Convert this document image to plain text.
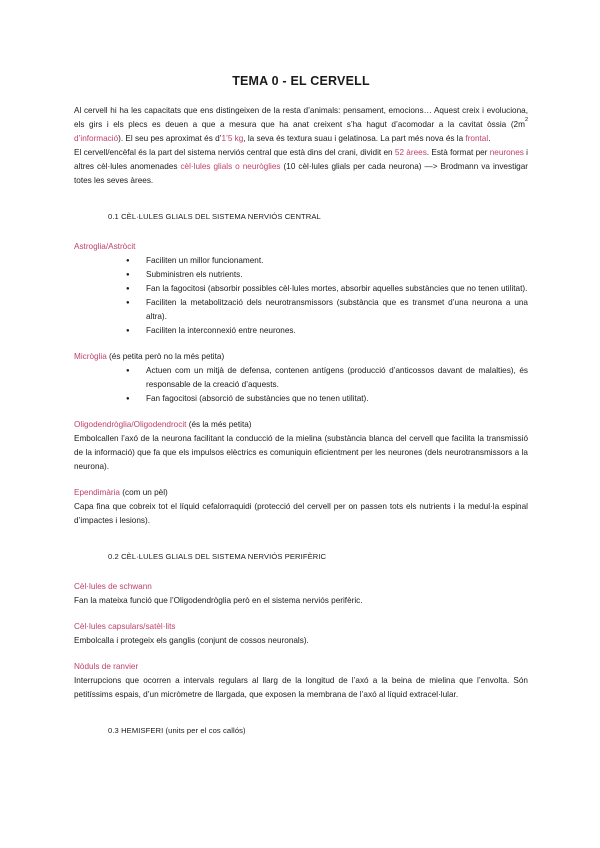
TEMA 0 - EL CERVELL

Al cervell hi ha les capacitats que ens distingeixen de la resta d’animals: pensament, emocions… Aquest creix i evoluciona, els girs i els plecs es deuen a que a mesura que ha anat creixent s’ha hagut d’acomodar a la cavitat òssia ($2m^2$ d’informació). El seu pes aproximat és d’1’5 kg, la seva és textura suau i gelatinosa. La part més nova és la frontal.

El cervell/encèfal és la part del sistema nerviós central que està dins del crani, dividit en 52 àrees. Està format per neurones i altres cèl·lules anomenades cèl·lules glials o neuròglies (10 cèl·lules glials per cada neurona) —> Brodmann va investigar totes les seves àrees.

0.1 CÈL·LULES GLIALS DEL SISTEMA NERVIÓS CENTRAL
Astroglia/Astròcit
● Faciliten un millor funcionament.
● Subministren els nutrients.
● Fan la fagocitosi (absorbir possibles cèl·lules mortes, absorbir aquelles substàncies que no tenen utilitat).
● Faciliten la metabolització dels neurotransmissors (substància que es transmet d’una neurona a una altra).
● Faciliten la interconnexió entre neurones.
Micròglia (és petita però no la més petita)
● Actuen com un mitjà de defensa, contenen antígens (producció d’anticossos davant de malalties), és responsable de la creació d’aquests.
● Fan fagocitosi (absorció de substàncies que no tenen utilitat).
Oligodendròglia/Oligodendrocit (és la més petita)

Embolcallen l’axó de la neurona facilitant la conducció de la mielina (substància blanca del cervell que facilita la transmissió de la informació) que fa que els impulsos elèctrics es comuniquin eficientment per les neurones (dels neurotransmissors a la neurona).

Ependimària (com un pèl)

Capa fina que cobreix tot el líquid cefalorraquidi (protecció del cervell per on passen tots els nutrients i la medul·la espinal d’impactes i lesions).

0.2 CÈL·LULES GLIALS DEL SISTEMA NERVIÓS PERIFÈRIC
Cèl·lules de schwann

Fan la mateixa funció que l’Oligodendròglia però en el sistema nerviós perifèric.

Cèl·lules capsulars/satèl·lits

Embolcalla i protegeix els ganglis (conjunt de cossos neuronals).

Nòduls de ranvier

Interrupcions que ocorren a intervals regulars al llarg de la longitud de l’axó a la beina de mielina que l’envolta. Són petitíssims espais, d’un micròmetre de llargada, que exposen la membrana de l’axó al líquid extracel·lular.

0.3 HEMISFERI (units per el cos callós)
